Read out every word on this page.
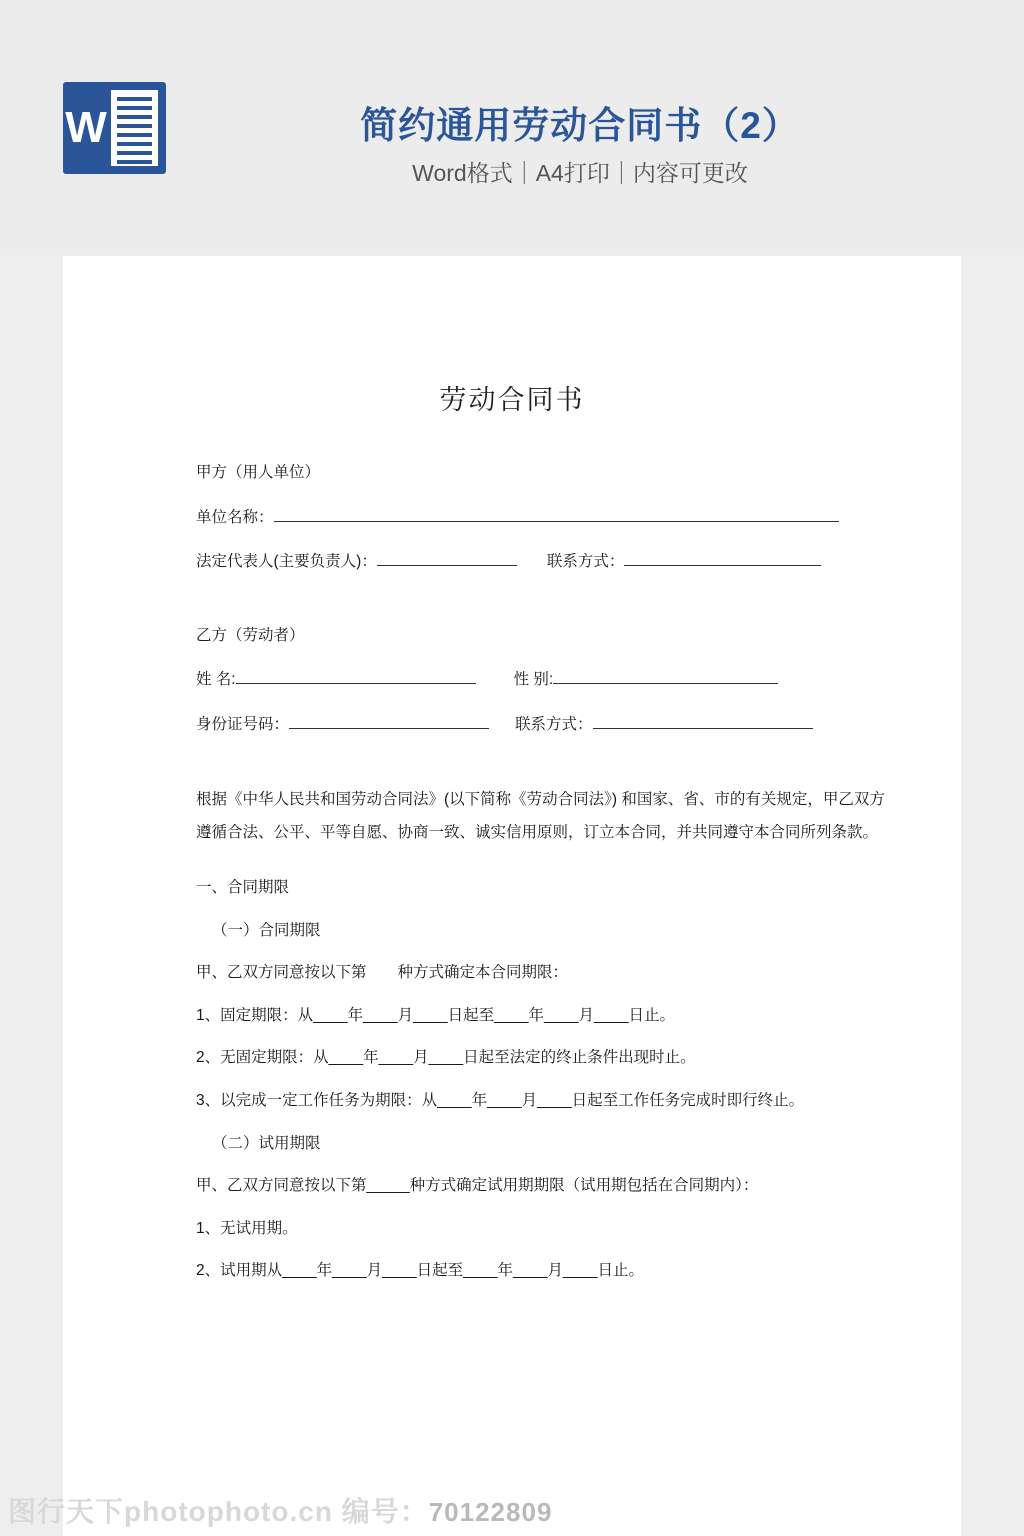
W	简约通用劳动合同书（2）
Word格式｜A4打印｜内容可更改
劳动合同书
甲方（用人单位）
单位名称：
法定代表人(主要负责人)：	联系方式：
乙方（劳动者）
姓 名:	性 别:
身份证号码：	联系方式：
根据《中华人民共和国劳动合同法》(以下简称《劳动合同法》) 和国家、省、市的有关规定，甲乙双方遵循合法、公平、平等自愿、协商一致、诚实信用原则，订立本合同，并共同遵守本合同所列条款。

一、合同期限

（一）合同期限

甲、乙双方同意按以下第　　种方式确定本合同期限：

1、固定期限：从____年____月____日起至____年____月____日止。

2、无固定期限：从____年____月____日起至法定的终止条件出现时止。

3、以完成一定工作任务为期限：从____年____月____日起至工作任务完成时即行终止。

（二）试用期限

甲、乙双方同意按以下第_____种方式确定试用期期限（试用期包括在合同期内）：

1、无试用期。

2、试用期从____年____月____日起至____年____月____日止。

图行天下photophoto.cn 编号：70122809
